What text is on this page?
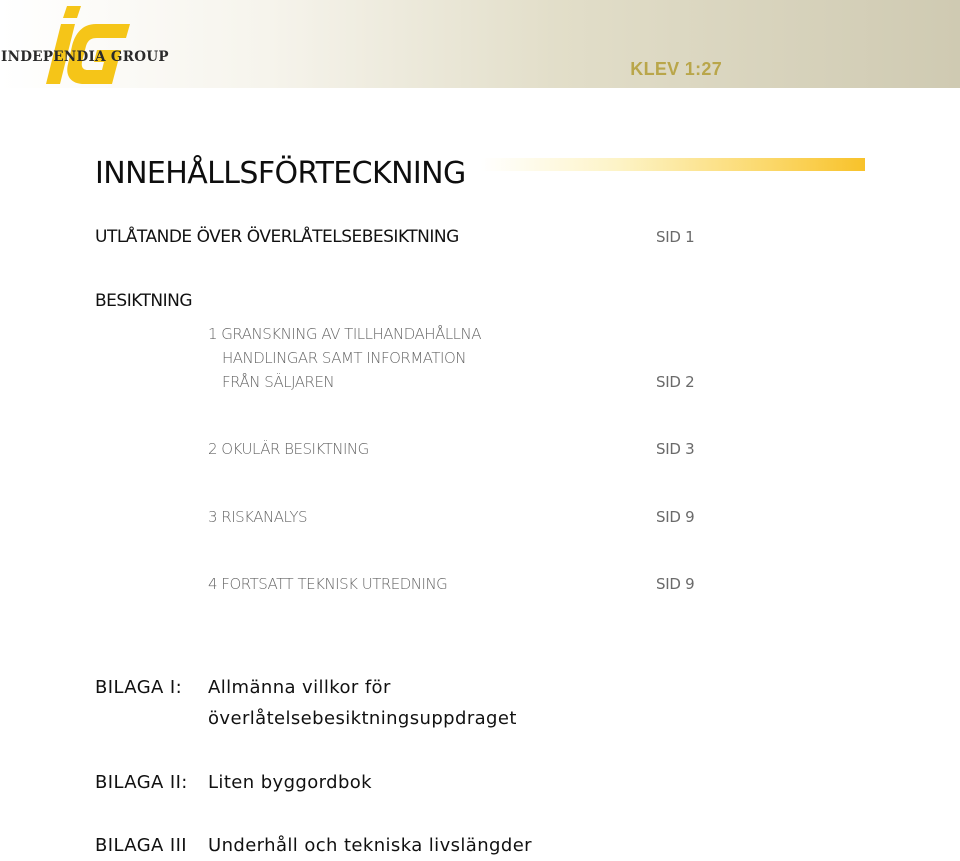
INDEPENDIA GROUP
KLEV 1:27
INNEHÅLLSFÖRTECKNING
UTLÅTANDE ÖVER ÖVERLÅTELSEBESIKTNING	SID 1
BESIKTNING
1 GRANSKNING AV TILLHANDAHÅLLNA
HANDLINGAR SAMT INFORMATION
FRÅN SÄLJAREN	SID 2
2 OKULÄR BESIKTNING	SID 3
3 RISKANALYS	SID 9
4 FORTSATT TEKNISK UTREDNING	SID 9
BILAGA I: Allmänna villkor för
överlåtelsebesiktningsuppdraget
BILAGA II: Liten byggordbok
BILAGA III Underhåll och tekniska livslängder
